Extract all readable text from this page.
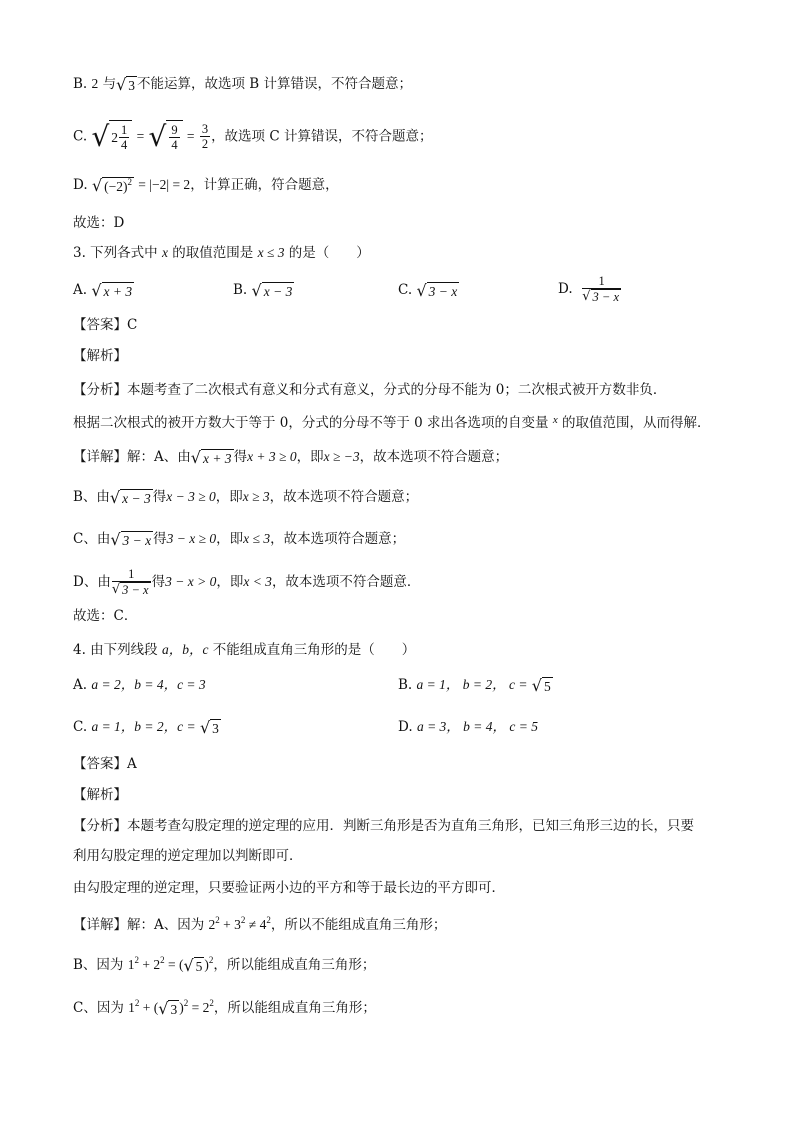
B. 2 与 √ 3 不能运算，故选项 B 计算错误，不符合题意；
C. √ $2 \frac{1}{4}$ = √ $\frac{9}{4} = \frac{3}{2}$ ，故选项 C 计算错误，不符合题意；
D. √ $(-2)^2 = |-2| = 2$，计算正确，符合题意，
故选：D
3. 下列各式中 x 的取值范围是 x ≤ 3 的是（　　）
A. √ x + 3	B. √ x − 3	C. √ 3 − x	D.
$\frac{1}{√ 3 - x}$
【答案】C
【解析】
【分析】本题考查了二次根式有意义和分式有意义，分式的分母不能为 0；二次根式被开方数非负．
根据二次根式的被开方数大于等于 0，分式的分母不等于 0 求出各选项的自变量 $^x$ 的取值范围，从而得解．
【详解】解：A、由 √ x + 3 得x + 3 ≥ 0，即x ≥ −3，故本选项不符合题意；
B、由 √ x − 3 得x − 3 ≥ 0，即x ≥ 3，故本选项不符合题意；
C、由 √ 3 − x 得3 − x ≥ 0，即x ≤ 3，故本选项符合题意；
D、由 $\frac{1}{√ 3 - x}$ 得 3 − x > 0 ，即 x < 3 ，故本选项不符合题意．
故选：C．
4. 由下列线段 a，b，c 不能组成直角三角形的是（　　）
A. a = 2，b = 4，c = 3	B. a = 1， b = 2， c = √ 5
C. a = 1，b = 2，c = √ 3	D. a = 3， b = 4， c = 5
【答案】A
【解析】
【分析】本题考查勾股定理的逆定理的应用．判断三角形是否为直角三角形，已知三角形三边的长，只要
利用勾股定理的逆定理加以判断即可．
由勾股定理的逆定理，只要验证两小边的平方和等于最长边的平方即可．
【详解】解：A、因为 $2^2 + 3^2 \ne 4^2$，所以不能组成直角三角形；
B、因为 $1^2 + 2^2$ = ( √ 5 )$^2$，所以能组成直角三角形；
C、因为 $1^2$ + ( √ 3 )$^2 = 2^2$，所以能组成直角三角形；
